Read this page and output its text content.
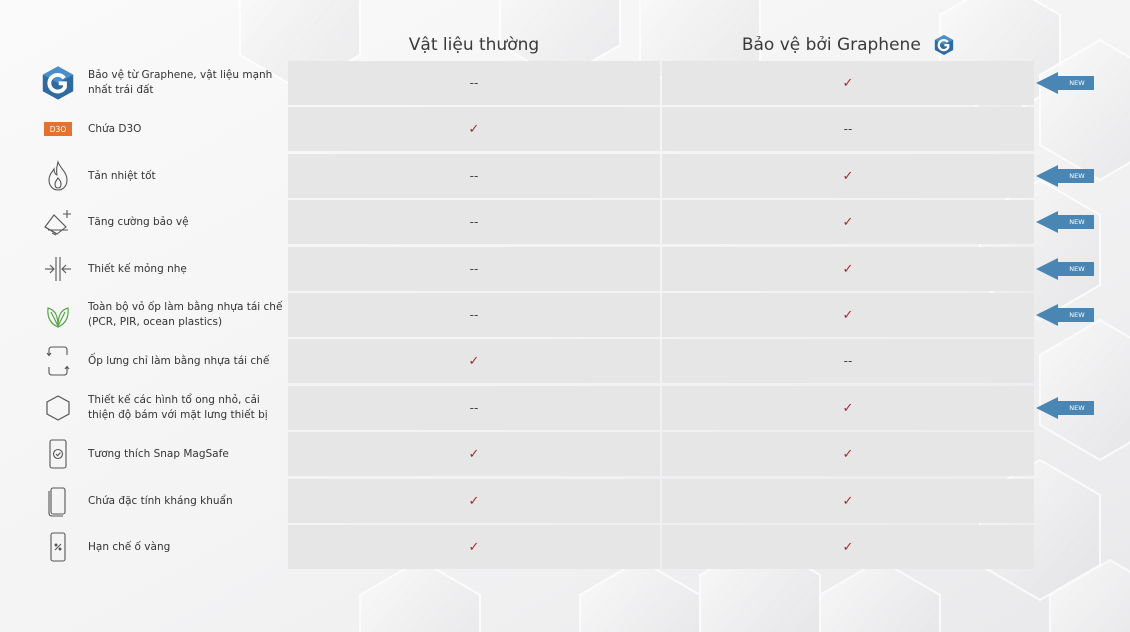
Vật liệu thường	Bảo vệ bởi Graphene
Bảo vệ từ Graphene, vật liệu mạnh nhất trái đất	--	✓	NEW
D3O Chứa D3O	✓	--
Tản nhiệt tốt	--	✓	NEW
Tăng cường bảo vệ	--	✓	NEW
Thiết kế mỏng nhẹ	--	✓	NEW
Toàn bộ vỏ ốp làm bằng nhựa tái chế (PCR, PIR, ocean plastics)	--	✓	NEW
Ốp lưng chỉ làm bằng nhựa tái chế	✓	--
Thiết kế các hình tổ ong nhỏ, cải thiện độ bám với mặt lưng thiết bị	--	✓	NEW
Tương thích Snap MagSafe	✓	✓
Chứa đặc tính kháng khuẩn	✓	✓
Hạn chế ố vàng	✓	✓
